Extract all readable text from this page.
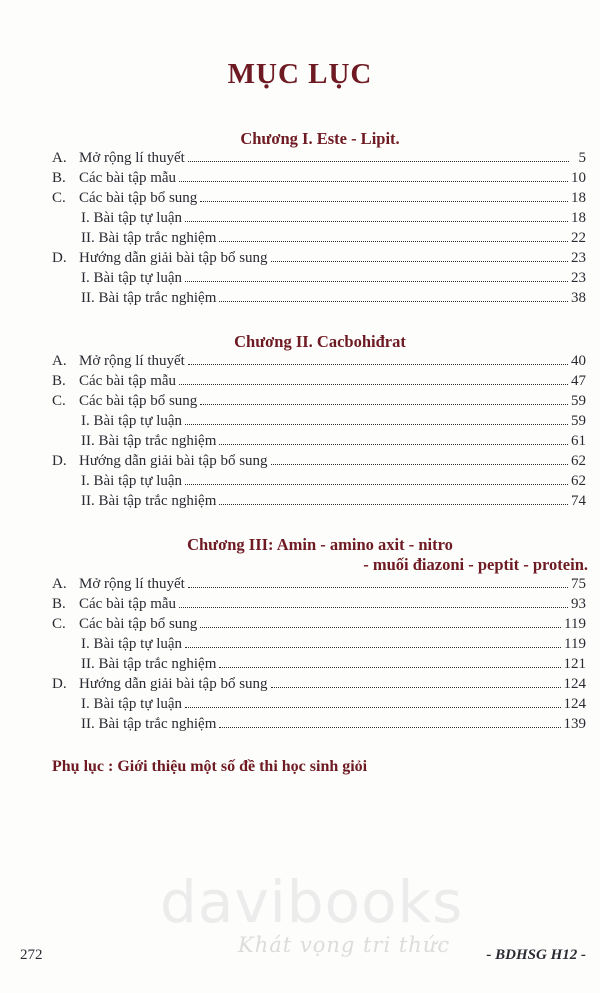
MỤC LỤC
Chương I. Este - Lipit.
A. Mở rộng lí thuyết	5
B. Các bài tập mẫu	10
C. Các bài tập bổ sung	18
I. Bài tập tự luận	18
II. Bài tập trắc nghiệm	22
D. Hướng dẫn giải bài tập bổ sung	23
I. Bài tập tự luận	23
II. Bài tập trắc nghiệm	38
Chương II. Cacbohiđrat
A. Mở rộng lí thuyết	40
B. Các bài tập mẫu	47
C. Các bài tập bổ sung	59
I. Bài tập tự luận	59
II. Bài tập trắc nghiệm	61
D. Hướng dẫn giải bài tập bổ sung	62
I. Bài tập tự luận	62
II. Bài tập trắc nghiệm	74
Chương III: Amin - amino axit - nitro
- muối điazoni - peptit - protein.
A. Mở rộng lí thuyết	75
B. Các bài tập mẫu	93
C. Các bài tập bổ sung	119
I. Bài tập tự luận	119
II. Bài tập trắc nghiệm	121
D. Hướng dẫn giải bài tập bổ sung	124
I. Bài tập tự luận	124
II. Bài tập trắc nghiệm	139
Phụ lục : Giới thiệu một số đề thi học sinh giỏi
davibooks
Khát vọng tri thức
272	- BDHSG H12 -
